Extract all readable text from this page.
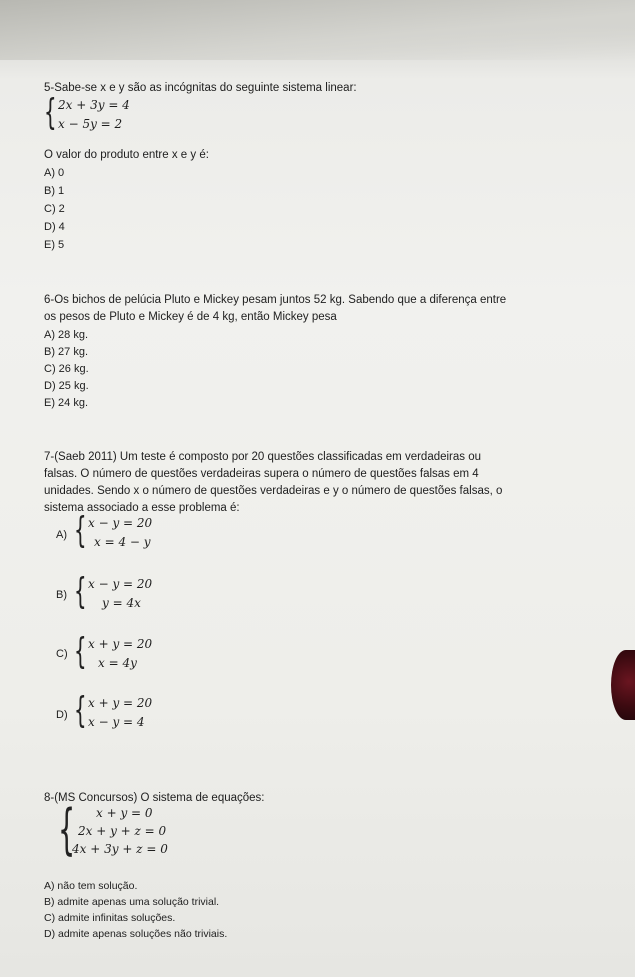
5-Sabe-se x e y são as incógnitas do seguinte sistema linear:
{ 2x + 3y = 4
x − 5y = 2
O valor do produto entre x e y é:
A) 0
B) 1
C) 2
D) 4
E) 5
6-Os bichos de pelúcia Pluto e Mickey pesam juntos 52 kg. Sabendo que a diferença entre
os pesos de Pluto e Mickey é de 4 kg, então Mickey pesa
A) 28 kg.
B) 27 kg.
C) 26 kg.
D) 25 kg.
E) 24 kg.
7-(Saeb 2011) Um teste é composto por 20 questões classificadas em verdadeiras ou
falsas. O número de questões verdadeiras supera o número de questões falsas em 4
unidades. Sendo x o número de questões verdadeiras e y o número de questões falsas, o
sistema associado a esse problema é:
A) { x − y = 20
x = 4 − y
B) { x − y = 20
y = 4x
C) { x + y = 20
x = 4y
D) { x + y = 20
x − y = 4
8-(MS Concursos) O sistema de equações:
{ x + y = 0
2x + y + z = 0
4x + 3y + z = 0
A) não tem solução.
B) admite apenas uma solução trivial.
C) admite infinitas soluções.
D) admite apenas soluções não triviais.
